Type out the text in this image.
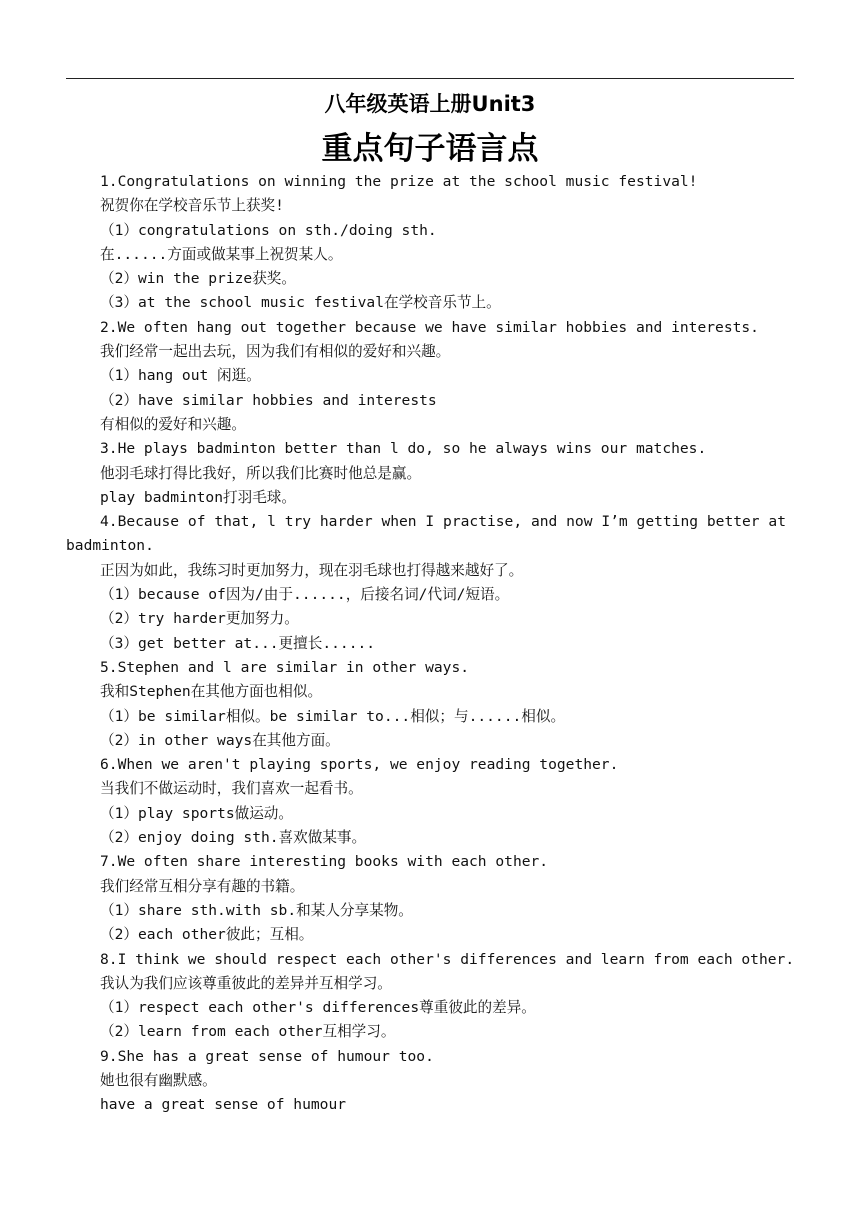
八年级英语上册Unit3
重点句子语言点
1.Congratulations on winning the prize at the school music festival!
祝贺你在学校音乐节上获奖!
（1）congratulations on sth./doing sth.
在......方面或做某事上祝贺某人。
（2）win the prize获奖。
（3）at the school music festival在学校音乐节上。
2.We often hang out together because we have similar hobbies and interests.
我们经常一起出去玩，因为我们有相似的爱好和兴趣。
（1）hang out 闲逛。
（2）have similar hobbies and interests
有相似的爱好和兴趣。
3.He plays badminton better than l do, so he always wins our matches.
他羽毛球打得比我好，所以我们比赛时他总是赢。
play badminton打羽毛球。
4.Because of that, l try harder when I practise, and now I’m getting better at badminton.
正因为如此，我练习时更加努力，现在羽毛球也打得越来越好了。
（1）because of因为/由于......，后接名词/代词/短语。
（2）try harder更加努力。
（3）get better at...更擅长......
5.Stephen and l are similar in other ways.
我和Stephen在其他方面也相似。
（1）be similar相似。be similar to...相似；与......相似。
（2）in other ways在其他方面。
6.When we aren't playing sports, we enjoy reading together.
当我们不做运动时，我们喜欢一起看书。
（1）play sports做运动。
（2）enjoy doing sth.喜欢做某事。
7.We often share interesting books with each other.
我们经常互相分享有趣的书籍。
（1）share sth.with sb.和某人分享某物。
（2）each other彼此；互相。
8.I think we should respect each other's differences and learn from each other.
我认为我们应该尊重彼此的差异并互相学习。
（1）respect each other's differences尊重彼此的差异。
（2）learn from each other互相学习。
9.She has a great sense of humour too.
她也很有幽默感。
have a great sense of humour
